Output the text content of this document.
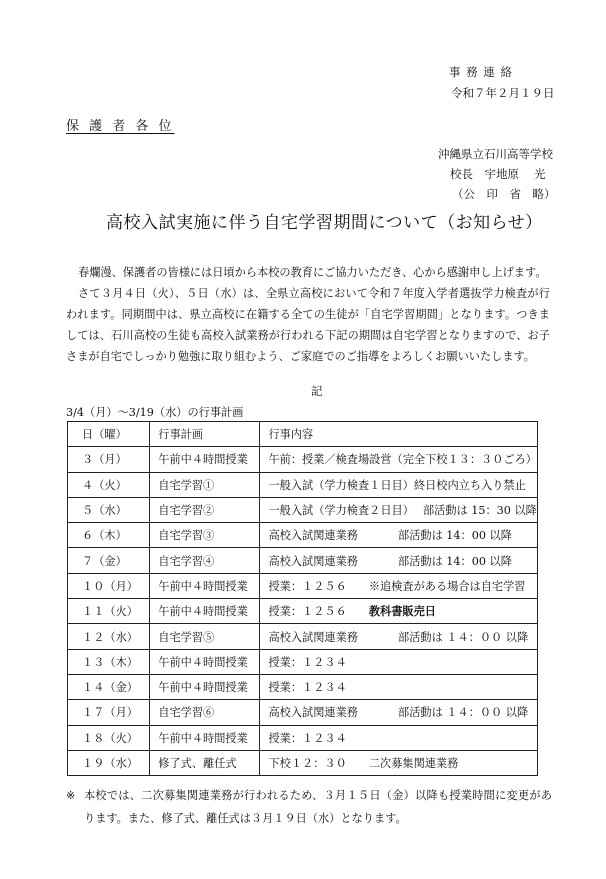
事 務 連 絡
令和７年２月１９日
保 護 者 各 位
沖縄県立石川高等学校
校長　宇地原　 光
（公　印　省　略）
高校入試実施に伴う自宅学習期間について（お知らせ）

春爛漫、保護者の皆様には日頃から本校の教育にご協力いただき、心から感謝申し上げます。

さて３月４日（火）、５日（水）は、全県立高校において令和７年度入学者選抜学力検査が行われます。同期間中は、県立高校に在籍する全ての生徒が「自宅学習期間」となります。つきましては、石川高校の生徒も高校入試業務が行われる下記の期間は自宅学習となりますので、お子さまが自宅でしっかり勉強に取り組むよう、ご家庭でのご指導をよろしくお願いいたします。

記
3/4（月）～3/19（水）の行事計画
日（曜）	行事計画	行事内容
３（月）	午前中４時間授業	午前：授業／検査場設営（完全下校１３：３０ごろ）
４（火）	自宅学習①	一般入試（学力検査１日目）終日校内立ち入り禁止
５（水）	自宅学習②	一般入試（学力検査２日目） 部活動は 15：30 以降
６（木）	自宅学習③	高校入試関連業務 部活動は 14：00 以降
７（金）	自宅学習④	高校入試関連業務 部活動は 14：00 以降
１０（月）	午前中４時間授業	授業：１２５６ ※追検査がある場合は自宅学習
１１（火）	午前中４時間授業	授業：１２５６ 教科書販売日
１２（水）	自宅学習⑤	高校入試関連業務 部活動は １４：００ 以降
１３（木）	午前中４時間授業	授業：１２３４
１４（金）	午前中４時間授業	授業：１２３４
１７（月）	自宅学習⑥	高校入試関連業務 部活動は １４：００ 以降
１８（火）	午前中４時間授業	授業：１２３４
１９（水）	修了式、離任式	下校１２：３０ 二次募集関連業務
※ 本校では、二次募集関連業務が行われるため、３月１５日（金）以降も授業時間に変更があります。また、修了式、離任式は３月１９日（水）となります。
